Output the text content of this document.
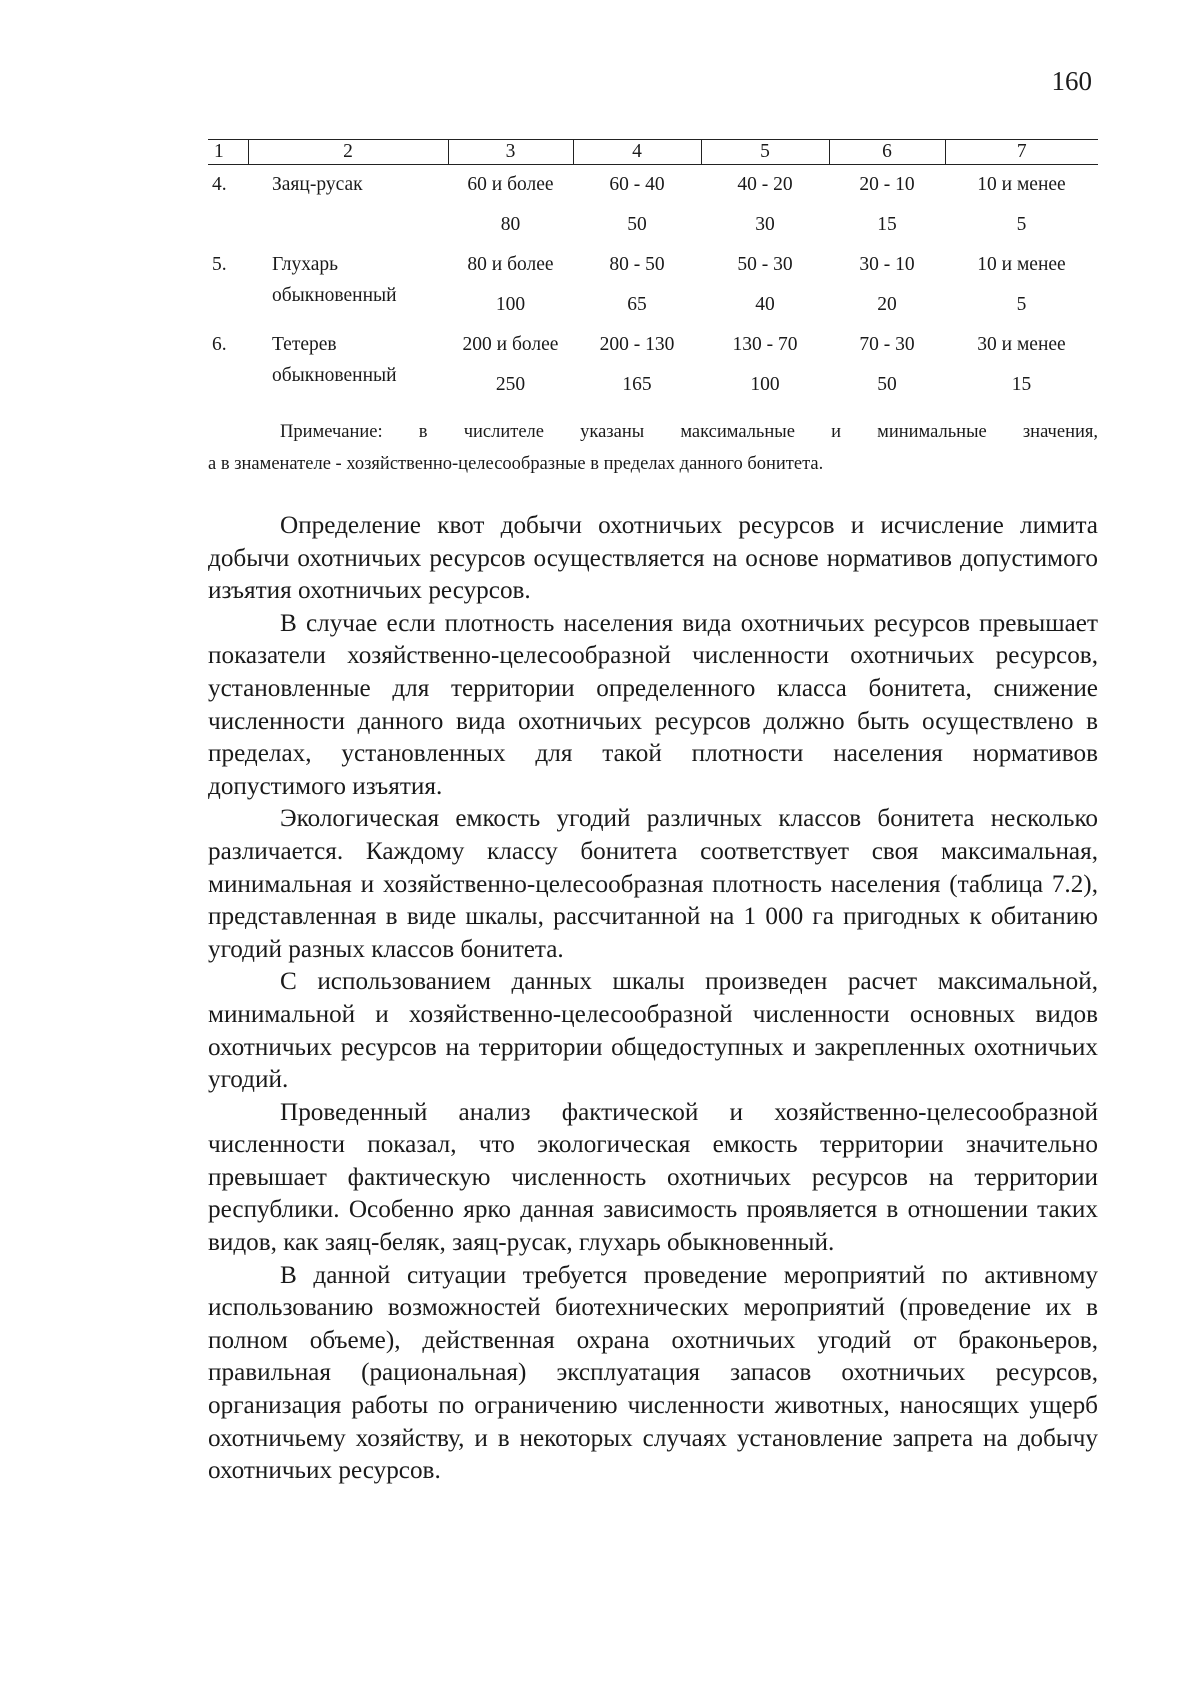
160
1	2	3	4	5	6	7
4.	Заяц-русак	60 и более	60 - 40	40 - 20	20 - 10	10 и менее
		80	50	30	15	5
5.	Глухарь	80 и более	80 - 50	50 - 30	30 - 10	10 и менее
	обыкновенный	100	65	40	20	5
6.	Тетерев	200 и более	200 - 130	130 - 70	70 - 30	30 и менее
	обыкновенный	250	165	100	50	15
Примечание: в числителе указаны максимальные и минимальные значения,
а в знаменателе - хозяйственно-целесообразные в пределах данного бонитета.

Определение квот добычи охотничьих ресурсов и исчисление лимита добычи охотничьих ресурсов осуществляется на основе нормативов допустимого изъятия охотничьих ресурсов.

В случае если плотность населения вида охотничьих ресурсов превышает показатели хозяйственно-целесообразной численности охотничьих ресурсов, установленные для территории определенного класса бонитета, снижение численности данного вида охотничьих ресурсов должно быть осуществлено в пределах, установленных для такой плотности населения нормативов допустимого изъятия.

Экологическая емкость угодий различных классов бонитета несколько различается. Каждому классу бонитета соответствует своя максимальная, минимальная и хозяйственно-целесообразная плотность населения (таблица 7.2), представленная в виде шкалы, рассчитанной на 1 000 га пригодных к обитанию угодий разных классов бонитета.

С использованием данных шкалы произведен расчет максимальной, минимальной и хозяйственно-целесообразной численности основных видов охотничьих ресурсов на территории общедоступных и закрепленных охотничьих угодий.

Проведенный анализ фактической и хозяйственно-целесообразной численности показал, что экологическая емкость территории значительно превышает фактическую численность охотничьих ресурсов на территории республики. Особенно ярко данная зависимость проявляется в отношении таких видов, как заяц-беляк, заяц-русак, глухарь обыкновенный.

В данной ситуации требуется проведение мероприятий по активному использованию возможностей биотехнических мероприятий (проведение их в полном объеме), действенная охрана охотничьих угодий от браконьеров, правильная (рациональная) эксплуатация запасов охотничьих ресурсов, организация работы по ограничению численности животных, наносящих ущерб охотничьему хозяйству, и в некоторых случаях установление запрета на добычу охотничьих ресурсов.
